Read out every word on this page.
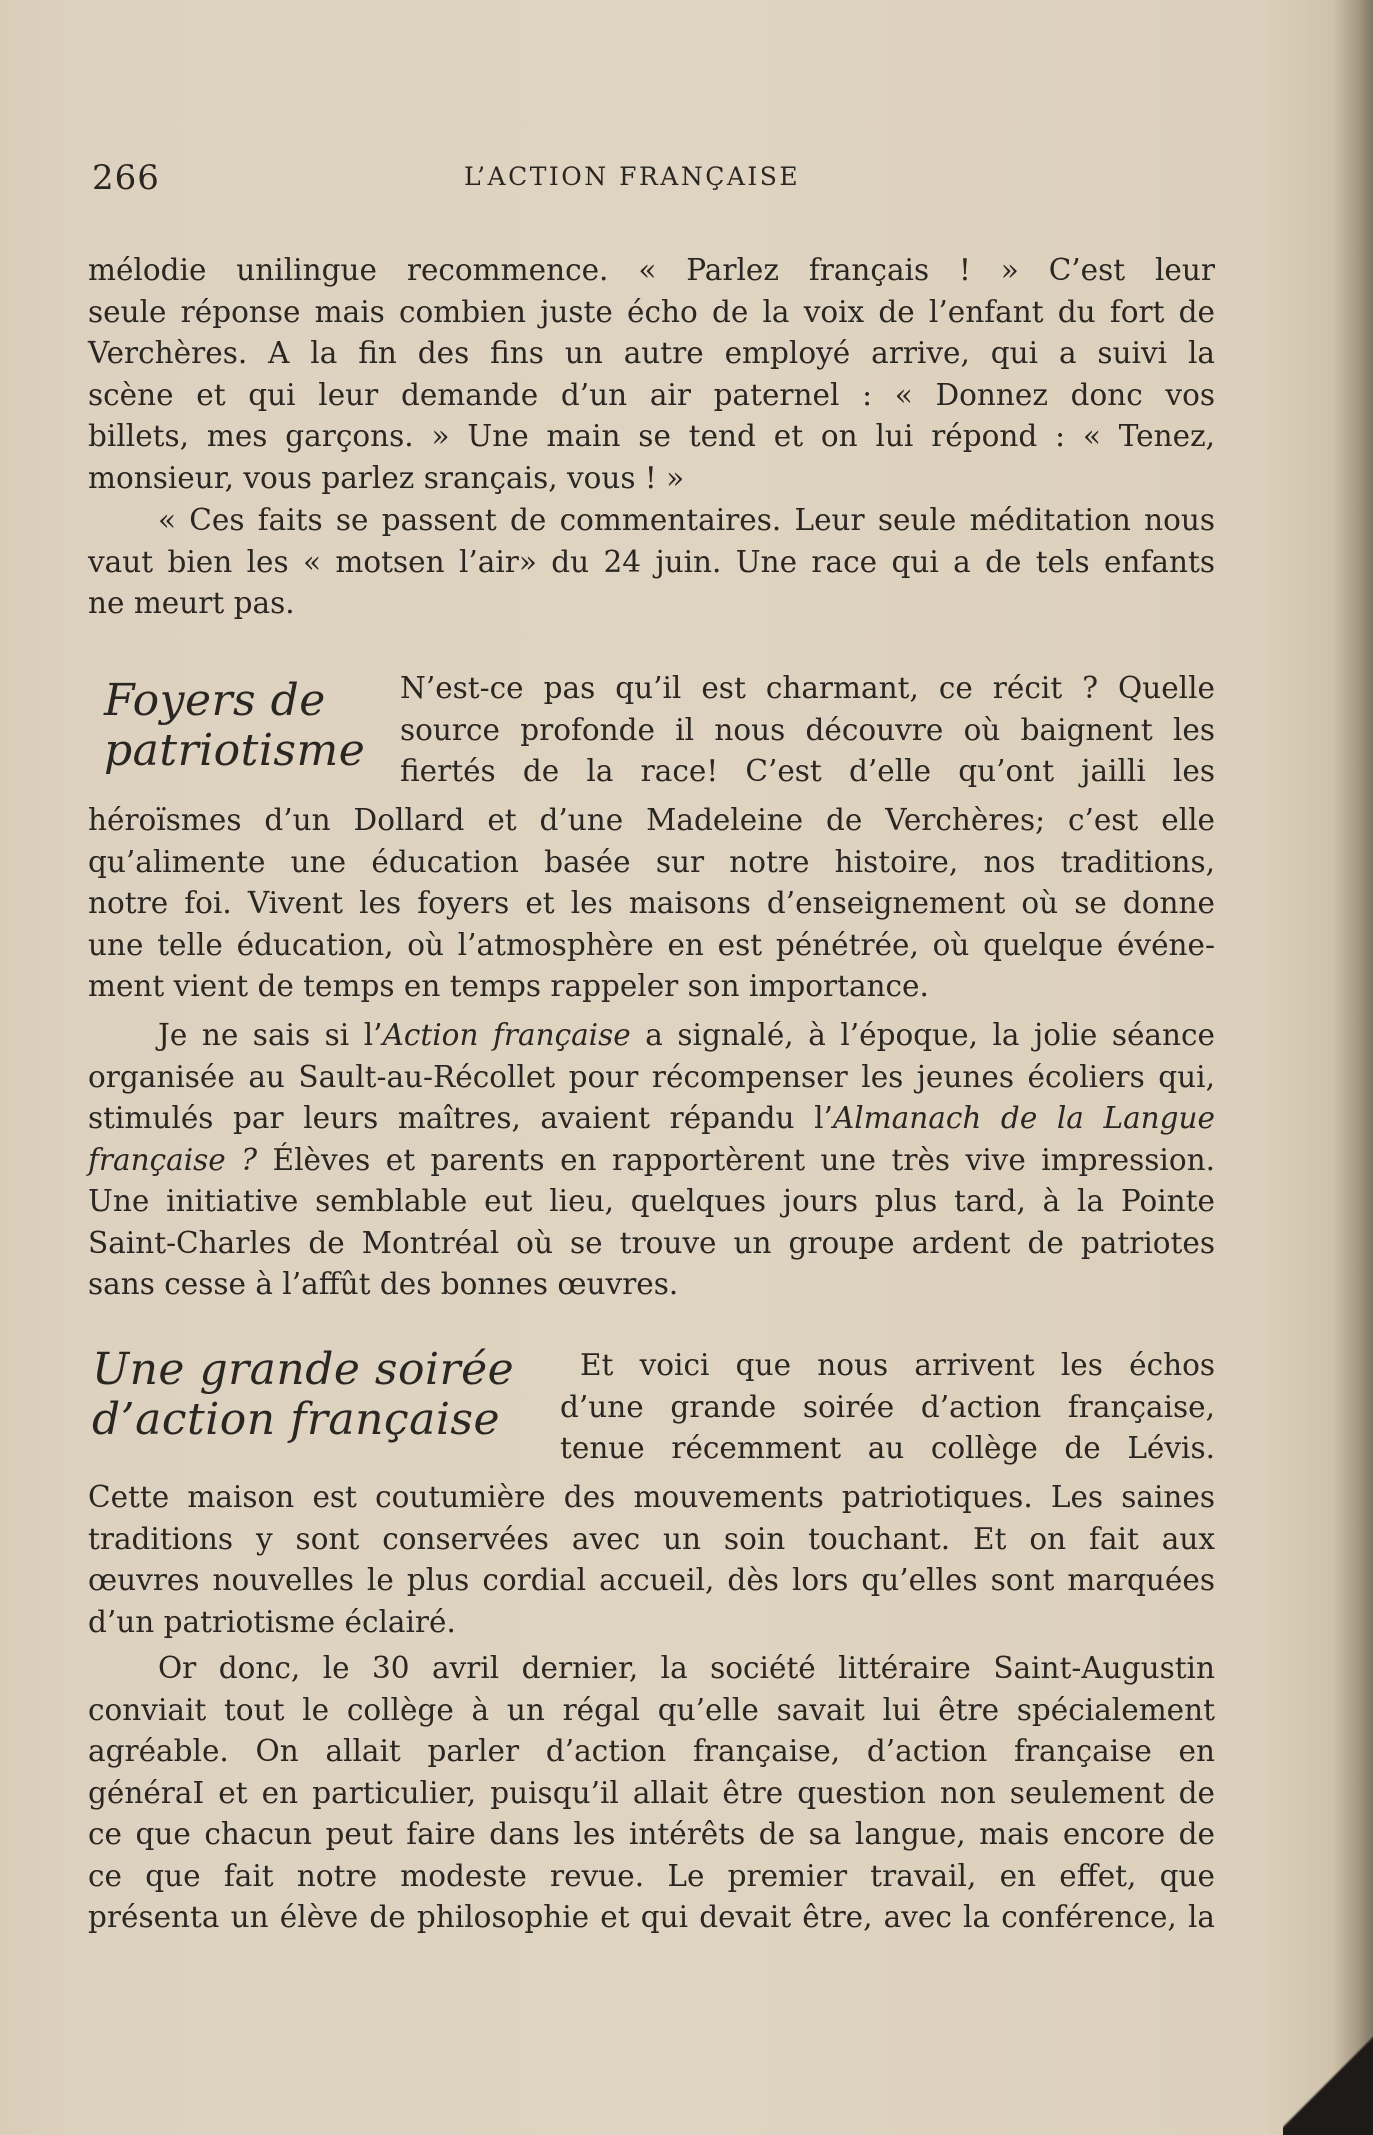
266	L’ACTION FRANÇAISE
mélodie unilingue recommence. « Parlez français ! » C’est leur
seule réponse mais combien juste écho de la voix de l’enfant du fort de
Verchères. A la fin des fins un autre employé arrive, qui a suivi la
scène et qui leur demande d’un air paternel : « Donnez donc vos
billets, mes garçons. » Une main se tend et on lui répond : « Tenez,
monsieur, vous parlez srançais, vous ! »
« Ces faits se passent de commentaires. Leur seule méditation nous
vaut bien les « motsen l’air» du 24 juin. Une race qui a de tels enfants
ne meurt pas.
Foyers de
patriotisme
N’est-ce pas qu’il est charmant, ce récit ? Quelle
source profonde il nous découvre où baignent les
fiertés de la race! C’est d’elle qu’ont jailli les
héroïsmes d’un Dollard et d’une Madeleine de Verchères; c’est elle
qu’alimente une éducation basée sur notre histoire, nos traditions,
notre foi. Vivent les foyers et les maisons d’enseignement où se donne
une telle éducation, où l’atmosphère en est pénétrée, où quelque événe-
ment vient de temps en temps rappeler son importance.
Je ne sais si l’Action française a signalé, à l’époque, la jolie séance
organisée au Sault-au-Récollet pour récompenser les jeunes écoliers qui,
stimulés par leurs maîtres, avaient répandu l’Almanach de la Langue
française ? Élèves et parents en rapportèrent une très vive impression.
Une initiative semblable eut lieu, quelques jours plus tard, à la Pointe
Saint-Charles de Montréal où se trouve un groupe ardent de patriotes
sans cesse à l’affût des bonnes œuvres.
Une grande soirée
d’action française
Et voici que nous arrivent les échos
d’une grande soirée d’action française,
tenue récemment au collège de Lévis.
Cette maison est coutumière des mouvements patriotiques. Les saines
traditions y sont conservées avec un soin touchant. Et on fait aux
œuvres nouvelles le plus cordial accueil, dès lors qu’elles sont marquées
d’un patriotisme éclairé.
Or donc, le 30 avril dernier, la société littéraire Saint-Augustin
conviait tout le collège à un régal qu’elle savait lui être spécialement
agréable. On allait parler d’action française, d’action française en
généraI et en particulier, puisqu’il allait être question non seulement de
ce que chacun peut faire dans les intérêts de sa langue, mais encore de
ce que fait notre modeste revue. Le premier travail, en effet, que
présenta un élève de philosophie et qui devait être, avec la conférence, la
